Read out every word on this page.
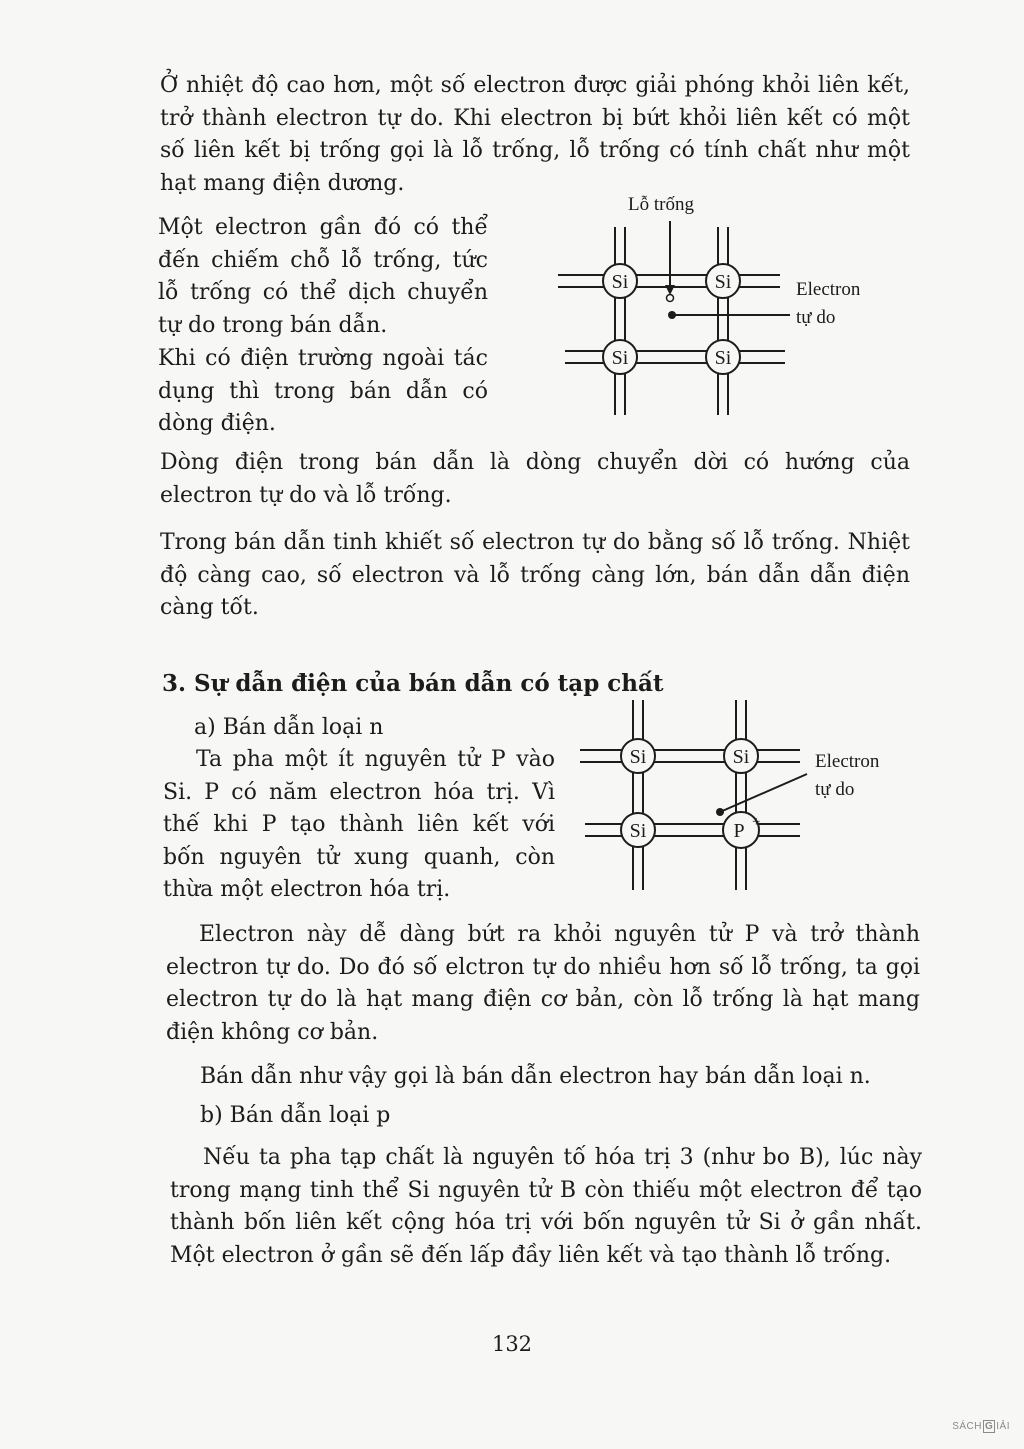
Ở nhiệt độ cao hơn, một số electron được giải phóng khỏi liên kết, trở thành electron tự do. Khi electron bị bứt khỏi liên kết có một số liên kết bị trống gọi là lỗ trống, lỗ trống có tính chất như một hạt mang điện dương.

Một electron gần đó có thể đến chiếm chỗ lỗ trống, tức lỗ trống có thể dịch chuyển tự do trong bán dẫn.

Khi có điện trường ngoài tác dụng thì trong bán dẫn có dòng điện.

Si	Si
Si	Si
Lỗ trống
Electron
tự do

Dòng điện trong bán dẫn là dòng chuyển dời có hướng của electron tự do và lỗ trống.

Trong bán dẫn tinh khiết số electron tự do bằng số lỗ trống. Nhiệt độ càng cao, số electron và lỗ trống càng lớn, bán dẫn dẫn điện càng tốt.

3. Sự dẫn điện của bán dẫn có tạp chất

a) Bán dẫn loại n

Ta pha một ít nguyên tử P vào Si. P có năm electron hóa trị. Vì thế khi P tạo thành liên kết với bốn nguyên tử xung quanh, còn thừa một electron hóa trị.

Si	Si
Si	P +
Electron
tự do

Electron này dễ dàng bứt ra khỏi nguyên tử P và trở thành electron tự do. Do đó số elctron tự do nhiều hơn số lỗ trống, ta gọi electron tự do là hạt mang điện cơ bản, còn lỗ trống là hạt mang điện không cơ bản.

Bán dẫn như vậy gọi là bán dẫn electron hay bán dẫn loại n.

b) Bán dẫn loại p

Nếu ta pha tạp chất là nguyên tố hóa trị 3 (như bo B), lúc này trong mạng tinh thể Si nguyên tử B còn thiếu một electron để tạo thành bốn liên kết cộng hóa trị với bốn nguyên tử Si ở gần nhất. Một electron ở gần sẽ đến lấp đầy liên kết và tạo thành lỗ trống.

132
SÁCH G IẢI
